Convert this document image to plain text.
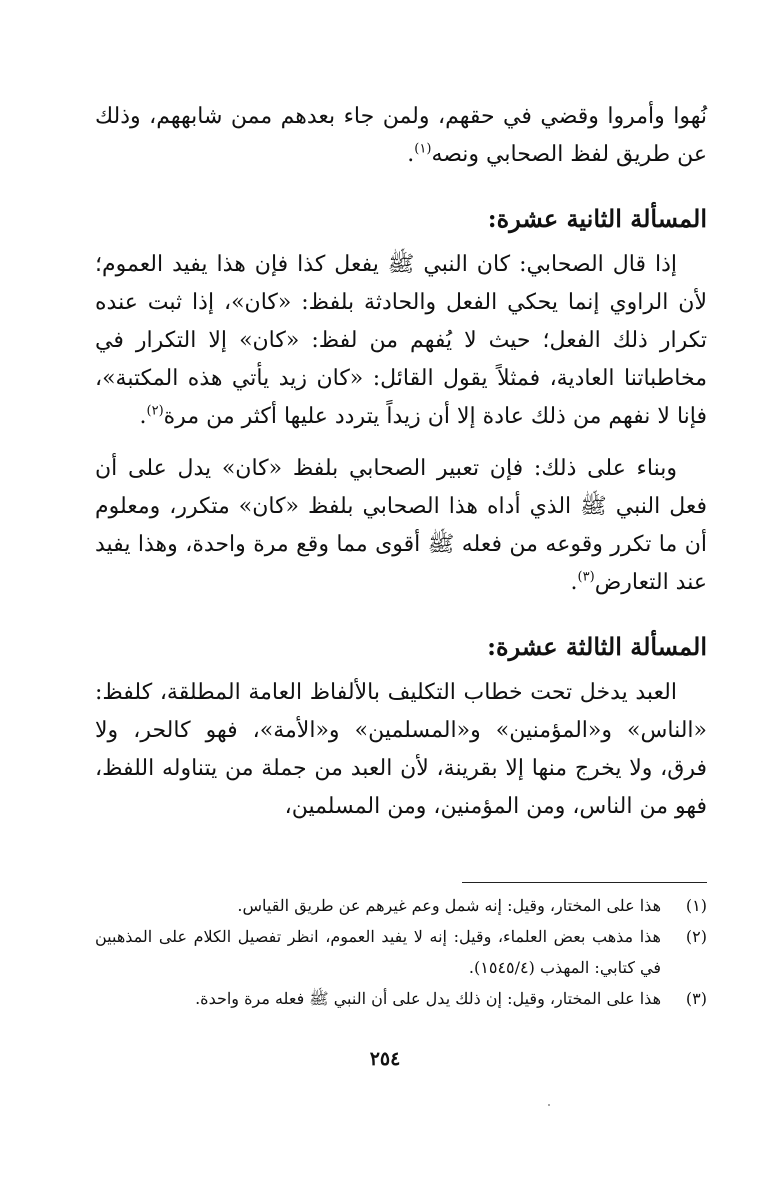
نُهوا وأمروا وقضي في حقهم، ولمن جاء بعدهم ممن شابههم، وذلك عن طريق لفظ الصحابي ونصه$^{(١)}$.

المسألة الثانية عشرة:

إذا قال الصحابي: كان النبي ﷺ يفعل كذا فإن هذا يفيد العموم؛ لأن الراوي إنما يحكي الفعل والحادثة بلفظ: «كان»، إذا ثبت عنده تكرار ذلك الفعل؛ حيث لا يُفهم من لفظ: «كان» إلا التكرار في مخاطباتنا العادية، فمثلاً يقول القائل: «كان زيد يأتي هذه المكتبة»، فإنا لا نفهم من ذلك عادة إلا أن زيداً يتردد عليها أكثر من مرة$^{(٢)}$.

وبناء على ذلك: فإن تعبير الصحابي بلفظ «كان» يدل على أن فعل النبي ﷺ الذي أداه هذا الصحابي بلفظ «كان» متكرر، ومعلوم أن ما تكرر وقوعه من فعله ﷺ أقوى مما وقع مرة واحدة، وهذا يفيد عند التعارض$^{(٣)}$.

المسألة الثالثة عشرة:

العبد يدخل تحت خطاب التكليف بالألفاظ العامة المطلقة، كلفظ: «الناس» و«المؤمنين» و«المسلمين» و«الأمة»، فهو كالحر، ولا فرق، ولا يخرج منها إلا بقرينة، لأن العبد من جملة من يتناوله اللفظ، فهو من الناس، ومن المؤمنين، ومن المسلمين،

(١)
هذا على المختار، وقيل: إنه شمل وعم غيرهم عن طريق القياس.
(٢)
هذا مذهب بعض العلماء، وقيل: إنه لا يفيد العموم، انظر تفصيل الكلام على المذهبين في كتابي: المهذب (١٥٤٥/٤).
(٣)
هذا على المختار، وقيل: إن ذلك يدل على أن النبي ﷺ فعله مرة واحدة.
٢٥٤
